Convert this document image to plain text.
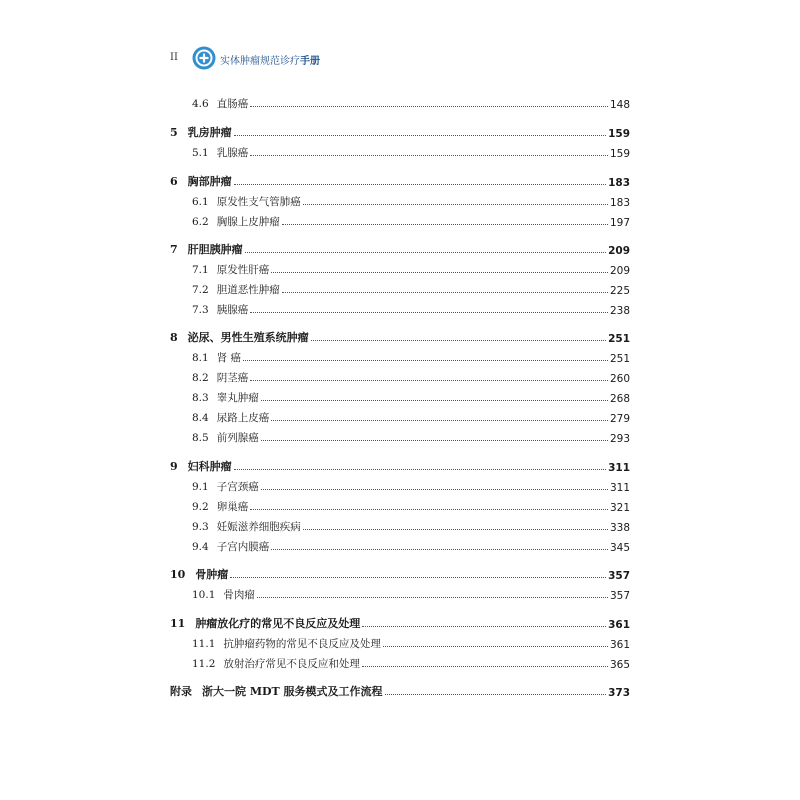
II	实体肿瘤规范诊疗手册
4.6 直肠癌	148
5 乳房肿瘤	159
5.1 乳腺癌	159
6 胸部肿瘤	183
6.1 原发性支气管肺癌	183
6.2 胸腺上皮肿瘤	197
7 肝胆胰肿瘤	209
7.1 原发性肝癌	209
7.2 胆道恶性肿瘤	225
7.3 胰腺癌	238
8 泌尿、男性生殖系统肿瘤	251
8.1 肾 癌	251
8.2 阴茎癌	260
8.3 睾丸肿瘤	268
8.4 尿路上皮癌	279
8.5 前列腺癌	293
9 妇科肿瘤	311
9.1 子宫颈癌	311
9.2 卵巢癌	321
9.3 妊娠滋养细胞疾病	338
9.4 子宫内膜癌	345
10 骨肿瘤	357
10.1 骨肉瘤	357
11 肿瘤放化疗的常见不良反应及处理	361
11.1 抗肿瘤药物的常见不良反应及处理	361
11.2 放射治疗常见不良反应和处理	365
附录 浙大一院 MDT 服务模式及工作流程	373
